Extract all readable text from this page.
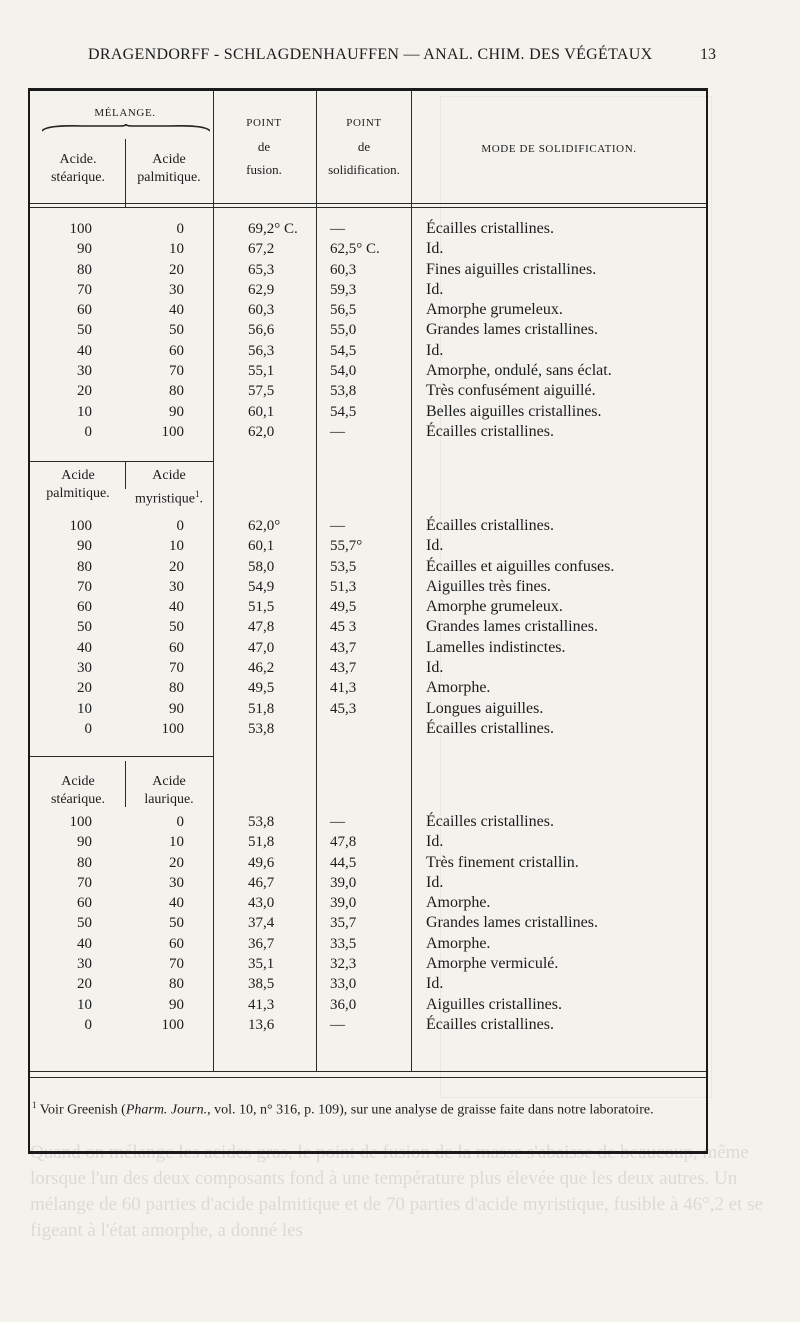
Quand on mélange les acides gras, le point de fusion de la masse s'abaisse de beaucoup, même lorsque l'un des deux composants fond à une température plus élevée que les deux autres. Un mélange de 60 parties d'acide palmitique et de 70 parties d'acide myristique, fusible à 46°,2 et se figeant à l'état amorphe, a donné les
DRAGENDORFF - SCHLAGDENHAUFFEN — ANAL. CHIM. DES VÉGÉTAUX	13
MÉLANGE.
POINT
de
fusion.
POINT
de
solidification.
MODE DE SOLIDIFICATION.
Acide.
stéarique.
Acide
palmitique.
Acide
palmitique.
Acide
myristique$^1$.
Acide
stéarique.
Acide
laurique.
100
90
80
70
60
50
40
30
20
10
0
0
10
20
30
40
50
60
70
80
90
100
69,2° C.
67,2
65,3
62,9
60,3
56,6
56,3
55,1
57,5
60,1
62,0
—
62,5° C.
60,3
59,3
56,5
55,0
54,5
54,0
53,8
54,5
—
Écailles cristallines.
Id.
Fines aiguilles cristallines.
Id.
Amorphe grumeleux.
Grandes lames cristallines.
Id.
Amorphe, ondulé, sans éclat.
Très confusément aiguillé.
Belles aiguilles cristallines.
Écailles cristallines.
100
90
80
70
60
50
40
30
20
10
0
0
10
20
30
40
50
60
70
80
90
100
62,0°
60,1
58,0
54,9
51,5
47,8
47,0
46,2
49,5
51,8
53,8
—
55,7°
53,5
51,3
49,5
45 3
43,7
43,7
41,3
45,3
Écailles cristallines.
Id.
Écailles et aiguilles confuses.
Aiguilles très fines.
Amorphe grumeleux.
Grandes lames cristallines.
Lamelles indistinctes.
Id.
Amorphe.
Longues aiguilles.
Écailles cristallines.
100
90
80
70
60
50
40
30
20
10
0
0
10
20
30
40
50
60
70
80
90
100
53,8
51,8
49,6
46,7
43,0
37,4
36,7
35,1
38,5
41,3
13,6
—
47,8
44,5
39,0
39,0
35,7
33,5
32,3
33,0
36,0
—
Écailles cristallines.
Id.
Très finement cristallin.
Id.
Amorphe.
Grandes lames cristallines.
Amorphe.
Amorphe vermiculé.
Id.
Aiguilles cristallines.
Écailles cristallines.
$^1$ Voir Greenish (Pharm. Journ., vol. 10, n° 316, p. 109), sur une analyse de graisse faite dans notre laboratoire.
